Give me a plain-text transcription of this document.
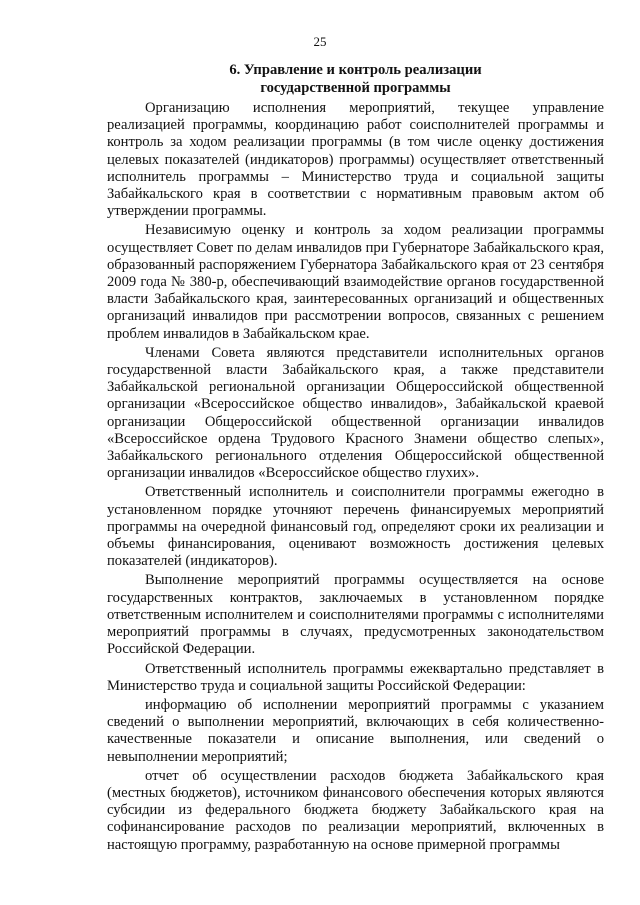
25
6. Управление и контроль реализации
государственной программы

Организацию исполнения мероприятий, текущее управление реализацией программы, координацию работ соисполнителей программы и контроль за ходом реализации программы (в том числе оценку достижения целевых показателей (индикаторов) программы) осуществляет ответственный исполнитель программы – Министерство труда и социальной защиты Забайкальского края в соответствии с нормативным правовым актом об утверждении программы.

Независимую оценку и контроль за ходом реализации программы осуществляет Совет по делам инвалидов при Губернаторе Забайкальского края, образованный распоряжением Губернатора Забайкальского края от 23 сентября 2009 года № 380-р, обеспечивающий взаимодействие органов государственной власти Забайкальского края, заинтересованных организаций и общественных организаций инвалидов при рассмотрении вопросов, связанных с решением проблем инвалидов в Забайкальском крае.

Членами Совета являются представители исполнительных органов государственной власти Забайкальского края, а также представители Забайкальской региональной организации Общероссийской общественной организации «Всероссийское общество инвалидов», Забайкальской краевой организации Общероссийской общественной организации инвалидов «Всероссийское ордена Трудового Красного Знамени общество слепых», Забайкальского регионального отделения Общероссийской общественной организации инвалидов «Всероссийское общество глухих».

Ответственный исполнитель и соисполнители программы ежегодно в установленном порядке уточняют перечень финансируемых мероприятий программы на очередной финансовый год, определяют сроки их реализации и объемы финансирования, оценивают возможность достижения целевых показателей (индикаторов).

Выполнение мероприятий программы осуществляется на основе государственных контрактов, заключаемых в установленном порядке ответственным исполнителем и соисполнителями программы с исполнителями мероприятий программы в случаях, предусмотренных законодательством Российской Федерации.

Ответственный исполнитель программы ежеквартально представляет в Министерство труда и социальной защиты Российской Федерации:

информацию об исполнении мероприятий программы с указанием сведений о выполнении мероприятий, включающих в себя количественно-качественные показатели и описание выполнения, или сведений о невыполнении мероприятий;

отчет об осуществлении расходов бюджета Забайкальского края (местных бюджетов), источником финансового обеспечения которых являются субсидии из федерального бюджета бюджету Забайкальского края на софинансирование расходов по реализации мероприятий, включенных в настоящую программу, разработанную на основе примерной программы
